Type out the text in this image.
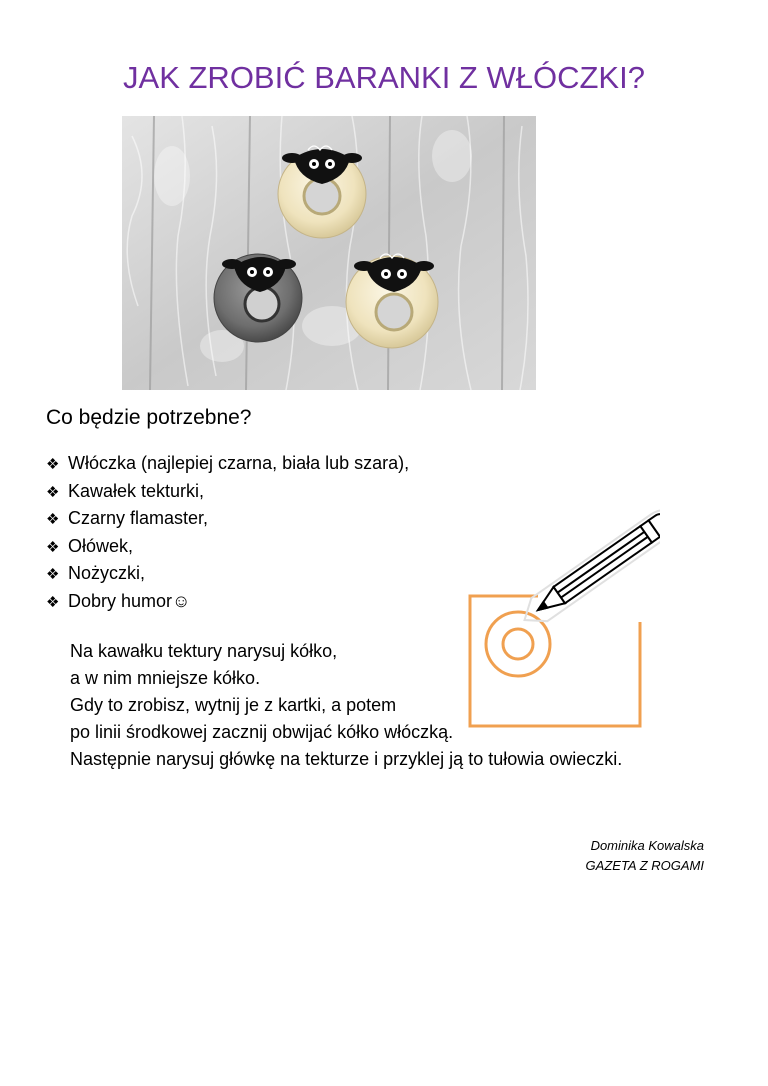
JAK ZROBIĆ BARANKI Z WŁÓCZKI?
Co będzie potrzebne?
❖ Włóczka (najlepiej czarna, biała lub szara),
❖ Kawałek tekturki,
❖ Czarny flamaster,
❖ Ołówek,
❖ Nożyczki,
❖ Dobry humor☺
Na kawałku tektury narysuj kółko,
a w nim mniejsze kółko.
Gdy to zrobisz, wytnij je z kartki, a potem
po linii środkowej zacznij obwijać kółko włóczką.
Następnie narysuj główkę na tekturze i przyklej ją to tułowia owieczki.
Dominika Kowalska
GAZETA Z ROGAMI
